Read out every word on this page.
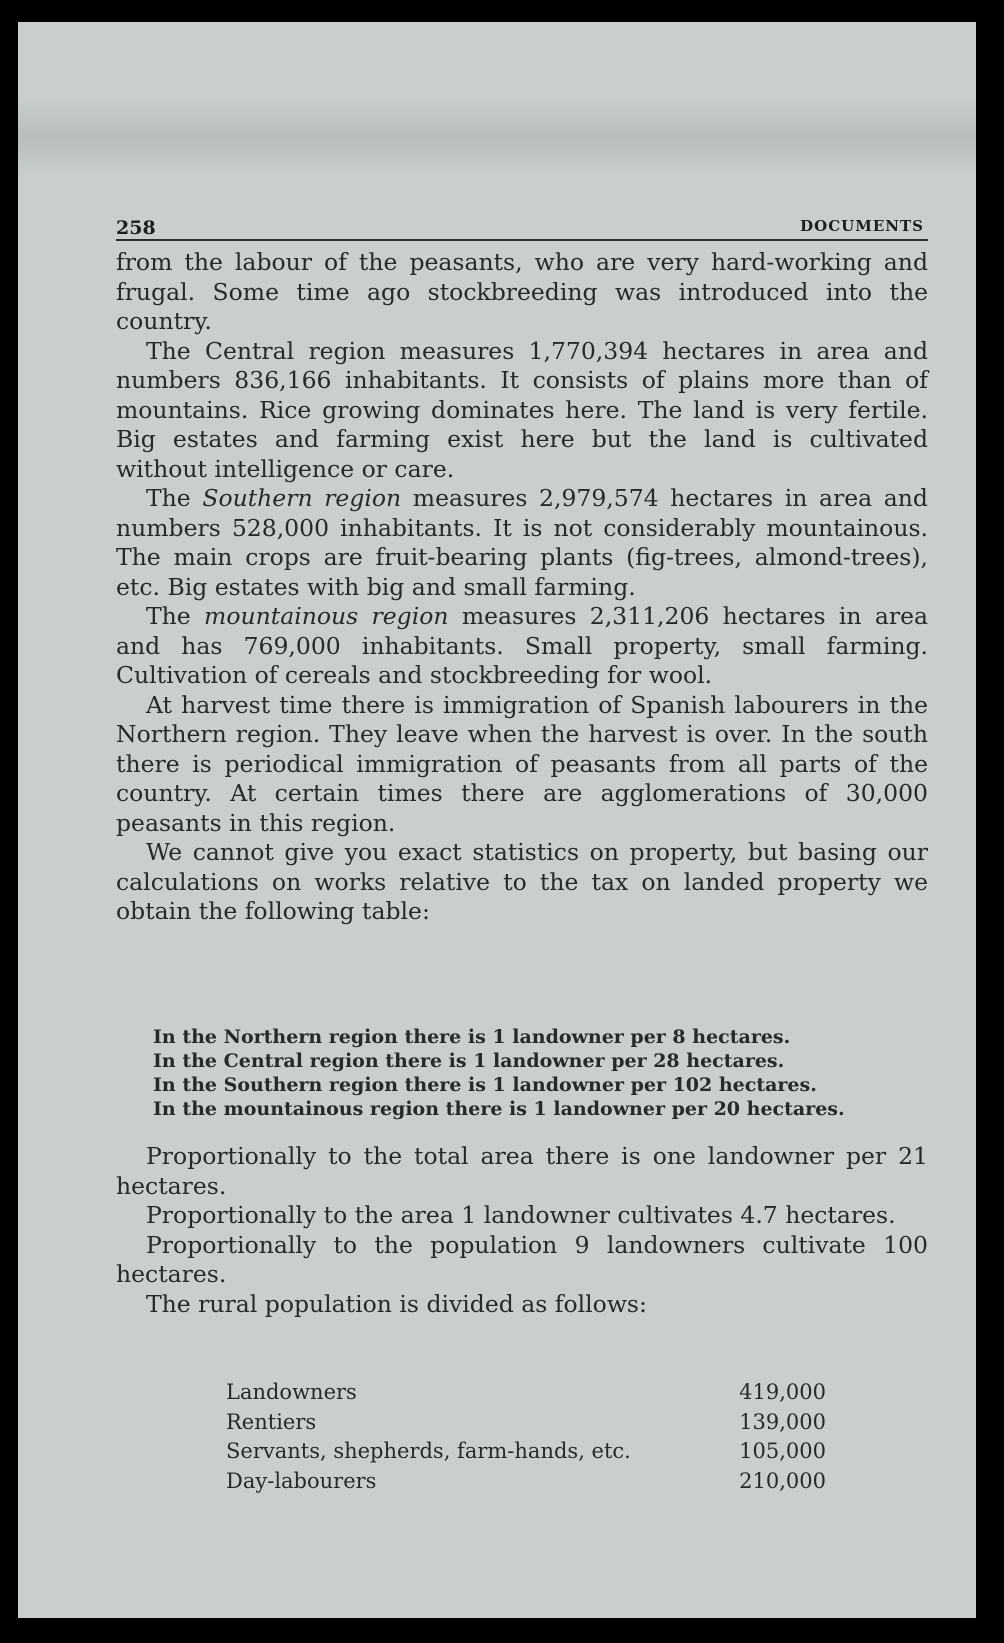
258	DOCUMENTS

from the labour of the peasants, who are very hard-working and frugal. Some time ago stockbreeding was introduced into the country.

The Central region measures 1,770,394 hectares in area and numbers 836,166 inhabitants. It consists of plains more than of mountains. Rice growing dominates here. The land is very fertile. Big estates and farming exist here but the land is cultivated without intelligence or care.

The Southern region measures 2,979,574 hectares in area and numbers 528,000 inhabitants. It is not considerably mountainous. The main crops are fruit-bearing plants (fig-trees, almond-trees), etc. Big estates with big and small farming.

The mountainous region measures 2,311,206 hectares in area and has 769,000 inhabitants. Small property, small farming. Cultivation of cereals and stockbreeding for wool.

At harvest time there is immigration of Spanish labourers in the Northern region. They leave when the harvest is over. In the south there is periodical immigration of peasants from all parts of the country. At certain times there are agglomerations of 30,000 peasants in this region.

We cannot give you exact statistics on property, but basing our calculations on works relative to the tax on landed property we obtain the following table:

In the Northern region there is 1 landowner per 8 hectares.
In the Central region there is 1 landowner per 28 hectares.
In the Southern region there is 1 landowner per 102 hectares.
In the mountainous region there is 1 landowner per 20 hectares.

Proportionally to the total area there is one landowner per 21 hectares.

Proportionally to the area 1 landowner cultivates 4.7 hectares.

Proportionally to the population 9 landowners cultivate 100 hectares.

The rural population is divided as follows:

Landowners	419,000
Rentiers	139,000
Servants, shepherds, farm-hands, etc.	105,000
Day-labourers	210,000
